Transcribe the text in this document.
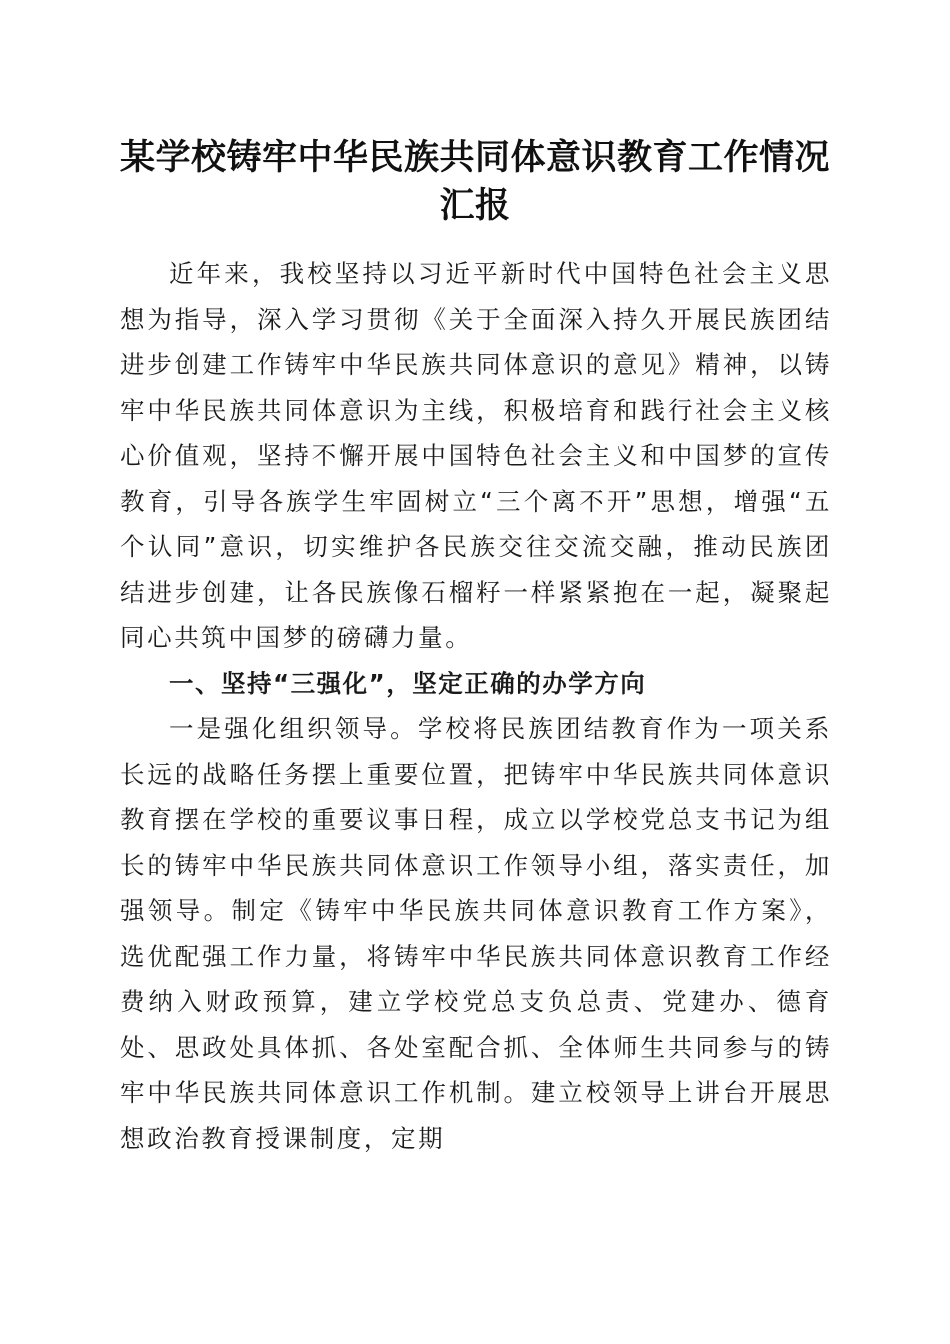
某学校铸牢中华民族共同体意识教育工作情况
汇报

近年来，我校坚持以习近平新时代中国特色社会主义思想为指导，深入学习贯彻《关于全面深入持久开展民族团结进步创建工作铸牢中华民族共同体意识的意见》精神，以铸牢中华民族共同体意识为主线，积极培育和践行社会主义核心价值观，坚持不懈开展中国特色社会主义和中国梦的宣传教育，引导各族学生牢固树立“三个离不开”思想，增强“五个认同”意识，切实维护各民族交往交流交融，推动民族团结进步创建，让各民族像石榴籽一样紧紧抱在一起，凝聚起同心共筑中国梦的磅礴力量。

一、坚持“三强化”，坚定正确的办学方向

一是强化组织领导。学校将民族团结教育作为一项关系长远的战略任务摆上重要位置，把铸牢中华民族共同体意识教育摆在学校的重要议事日程，成立以学校党总支书记为组长的铸牢中华民族共同体意识工作领导小组，落实责任，加强领导。制定《铸牢中华民族共同体意识教育工作方案》，选优配强工作力量，将铸牢中华民族共同体意识教育工作经费纳入财政预算，建立学校党总支负总责、党建办、德育处、思政处具体抓、各处室配合抓、全体师生共同参与的铸牢中华民族共同体意识工作机制。建立校领导上讲台开展思想政治教育授课制度，定期
